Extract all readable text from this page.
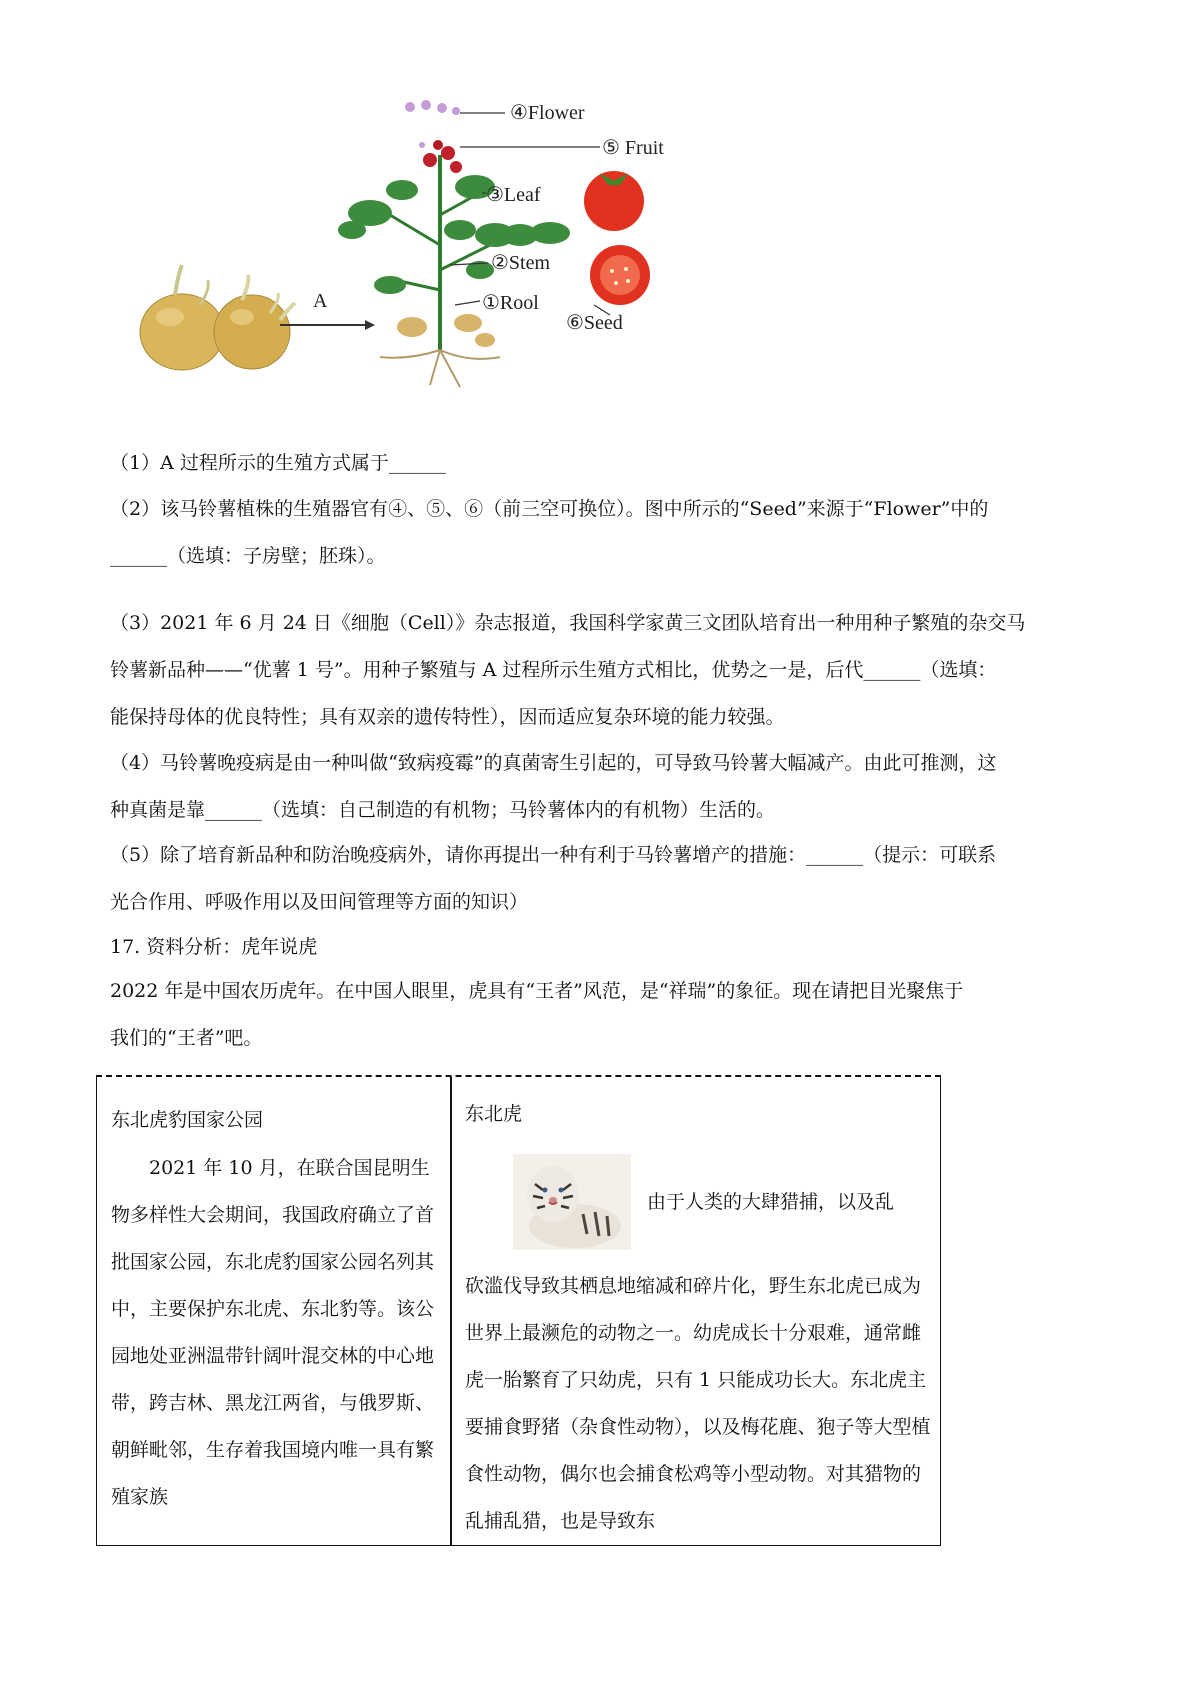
A
④Flower
⑤ Fruit
③Leaf
②Stem
①Rool
⑥Seed

（1）A 过程所示的生殖方式属于______

（2）该马铃薯植株的生殖器官有④、⑤、⑥（前三空可换位）。图中所示的“Seed”来源于“Flower”中的
______（选填：子房壁；胚珠）。

（3）2021 年 6 月 24 日《细胞（Cell）》杂志报道，我国科学家黄三文团队培育出一种用种子繁殖的杂交马
铃薯新品种——“优薯 1 号”。用种子繁殖与 A 过程所示生殖方式相比，优势之一是，后代______（选填：
能保持母体的优良特性；具有双亲的遗传特性），因而适应复杂环境的能力较强。

（4）马铃薯晚疫病是由一种叫做“致病疫霉”的真菌寄生引起的，可导致马铃薯大幅减产。由此可推测，这
种真菌是靠______（选填：自己制造的有机物；马铃薯体内的有机物）生活的。

（5）除了培育新品种和防治晚疫病外，请你再提出一种有利于马铃薯增产的措施：______（提示：可联系
光合作用、呼吸作用以及田间管理等方面的知识）

17. 资料分析：虎年说虎

2022 年是中国农历虎年。在中国人眼里，虎具有“王者”风范，是“祥瑞”的象征。现在请把目光聚焦于
我们的“王者”吧。

东北虎豹国家公园

2021 年 10 月，在联合国昆明生物多样性大会期间，我国政府确立了首批国家公园，东北虎豹国家公园名列其中，主要保护东北虎、东北豹等。该公园地处亚洲温带针阔叶混交林的中心地带，跨吉林、黑龙江两省，与俄罗斯、朝鲜毗邻，生存着我国境内唯一具有繁殖家族

东北虎

由于人类的大肆猎捕，以及乱

砍滥伐导致其栖息地缩减和碎片化，野生东北虎已成为世界上最濒危的动物之一。幼虎成长十分艰难，通常雌虎一胎繁育了只幼虎，只有 1 只能成功长大。东北虎主要捕食野猪（杂食性动物），以及梅花鹿、狍子等大型植食性动物，偶尔也会捕食松鸡等小型动物。对其猎物的乱捕乱猎，也是导致东
